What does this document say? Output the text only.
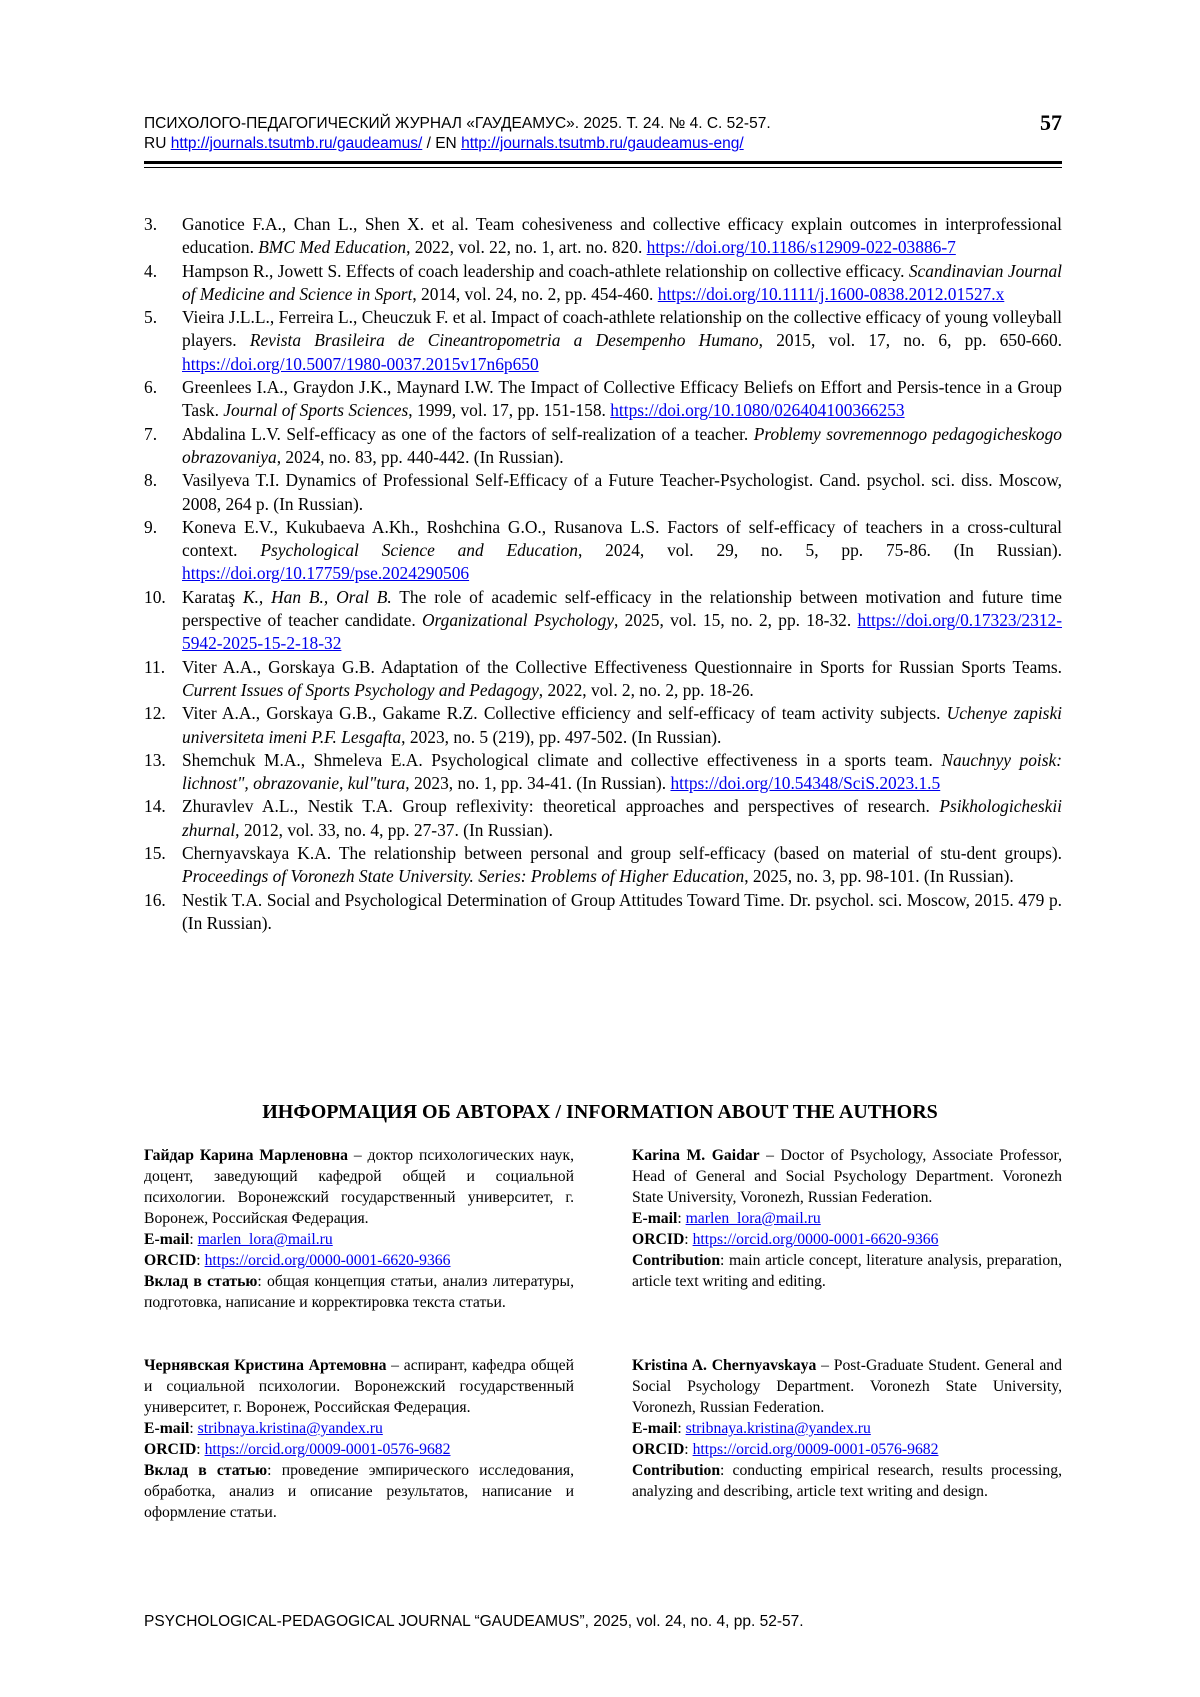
ПСИХОЛОГО-ПЕДАГОГИЧЕСКИЙ ЖУРНАЛ «ГАУДЕАМУС». 2025. Т. 24. № 4. С. 52-57.
RU http://journals.tsutmb.ru/gaudeamus/ / EN http://journals.tsutmb.ru/gaudeamus-eng/
57
3. Ganotice F.A., Chan L., Shen X. et al. Team cohesiveness and collective efficacy explain outcomes in interprofessional education. BMC Med Education, 2022, vol. 22, no. 1, art. no. 820. https://doi.org/10.1186/s12909-022-03886-7
4. Hampson R., Jowett S. Effects of coach leadership and coach-athlete relationship on collective efficacy. Scandinavian Journal of Medicine and Science in Sport, 2014, vol. 24, no. 2, pp. 454-460. https://doi.org/10.1111/j.1600-0838.2012.01527.x
5. Vieira J.L.L., Ferreira L., Cheuczuk F. et al. Impact of coach-athlete relationship on the collective efficacy of young volleyball players. Revista Brasileira de Cineantropometria a Desempenho Humano, 2015, vol. 17, no. 6, pp. 650-660. https://doi.org/10.5007/1980-0037.2015v17n6p650
6. Greenlees I.A., Graydon J.K., Maynard I.W. The Impact of Collective Efficacy Beliefs on Effort and Persis-tence in a Group Task. Journal of Sports Sciences, 1999, vol. 17, pp. 151-158. https://doi.org/10.1080/026404100366253
7. Abdalina L.V. Self-efficacy as one of the factors of self-realization of a teacher. Problemy sovremennogo pedagogicheskogo obrazovaniya, 2024, no. 83, pp. 440-442. (In Russian).
8. Vasilyeva T.I. Dynamics of Professional Self-Efficacy of a Future Teacher-Psychologist. Cand. psychol. sci. diss. Moscow, 2008, 264 p. (In Russian).
9. Koneva E.V., Kukubaeva A.Kh., Roshchina G.O., Rusanova L.S. Factors of self-efficacy of teachers in a cross-cultural context. Psychological Science and Education, 2024, vol. 29, no. 5, pp. 75-86. (In Russian). https://doi.org/10.17759/pse.2024290506
10. Karataş K., Han B., Oral B. The role of academic self-efficacy in the relationship between motivation and future time perspective of teacher candidate. Organizational Psychology, 2025, vol. 15, no. 2, pp. 18-32. https://doi.org/0.17323/2312-5942-2025-15-2-18-32
11. Viter A.A., Gorskaya G.B. Adaptation of the Collective Effectiveness Questionnaire in Sports for Russian Sports Teams. Current Issues of Sports Psychology and Pedagogy, 2022, vol. 2, no. 2, pp. 18-26.
12. Viter A.A., Gorskaya G.B., Gakame R.Z. Collective efficiency and self-efficacy of team activity subjects. Uchenye zapiski universiteta imeni P.F. Lesgafta, 2023, no. 5 (219), pp. 497-502. (In Russian).
13. Shemchuk M.A., Shmeleva E.A. Psychological climate and collective effectiveness in a sports team. Nauchnyy poisk: lichnost", obrazovanie, kul"tura, 2023, no. 1, pp. 34-41. (In Russian). https://doi.org/10.54348/SciS.2023.1.5
14. Zhuravlev A.L., Nestik T.A. Group reflexivity: theoretical approaches and perspectives of research. Psikhologicheskii zhurnal, 2012, vol. 33, no. 4, pp. 27-37. (In Russian).
15. Chernyavskaya K.A. The relationship between personal and group self-efficacy (based on material of stu-dent groups). Proceedings of Voronezh State University. Series: Problems of Higher Education, 2025, no. 3, pp. 98-101. (In Russian).
16. Nestik T.A. Social and Psychological Determination of Group Attitudes Toward Time. Dr. psychol. sci. Moscow, 2015. 479 p. (In Russian).
ИНФОРМАЦИЯ ОБ АВТОРАХ / INFORMATION ABOUT THE AUTHORS
Гайдар Карина Марленовна – доктор психологических наук, доцент, заведующий кафедрой общей и социальной психологии. Воронежский государственный университет, г. Воронеж, Российская Федерация.
E-mail: marlen_lora@mail.ru
ORCID: https://orcid.org/0000-0001-6620-9366
Вклад в статью: общая концепция статьи, анализ литературы, подготовка, написание и корректировка текста статьи.
Karina M. Gaidar – Doctor of Psychology, Associate Professor, Head of General and Social Psychology Department. Voronezh State University, Voronezh, Russian Federation.
E-mail: marlen_lora@mail.ru
ORCID: https://orcid.org/0000-0001-6620-9366
Contribution: main article concept, literature analysis, preparation, article text writing and editing.
Чернявская Кристина Артемовна – аспирант, кафедра общей и социальной психологии. Воронежский государственный университет, г. Воронеж, Российская Федерация.
E-mail: stribnaya.kristina@yandex.ru
ORCID: https://orcid.org/0009-0001-0576-9682
Вклад в статью: проведение эмпирического исследования, обработка, анализ и описание результатов, написание и оформление статьи.
Kristina A. Chernyavskaya – Post-Graduate Student. General and Social Psychology Department. Voronezh State University, Voronezh, Russian Federation.
E-mail: stribnaya.kristina@yandex.ru
ORCID: https://orcid.org/0009-0001-0576-9682
Contribution: conducting empirical research, results processing, analyzing and describing, article text writing and design.
PSYCHOLOGICAL-PEDAGOGICAL JOURNAL “GAUDEAMUS”, 2025, vol. 24, no. 4, pp. 52-57.
